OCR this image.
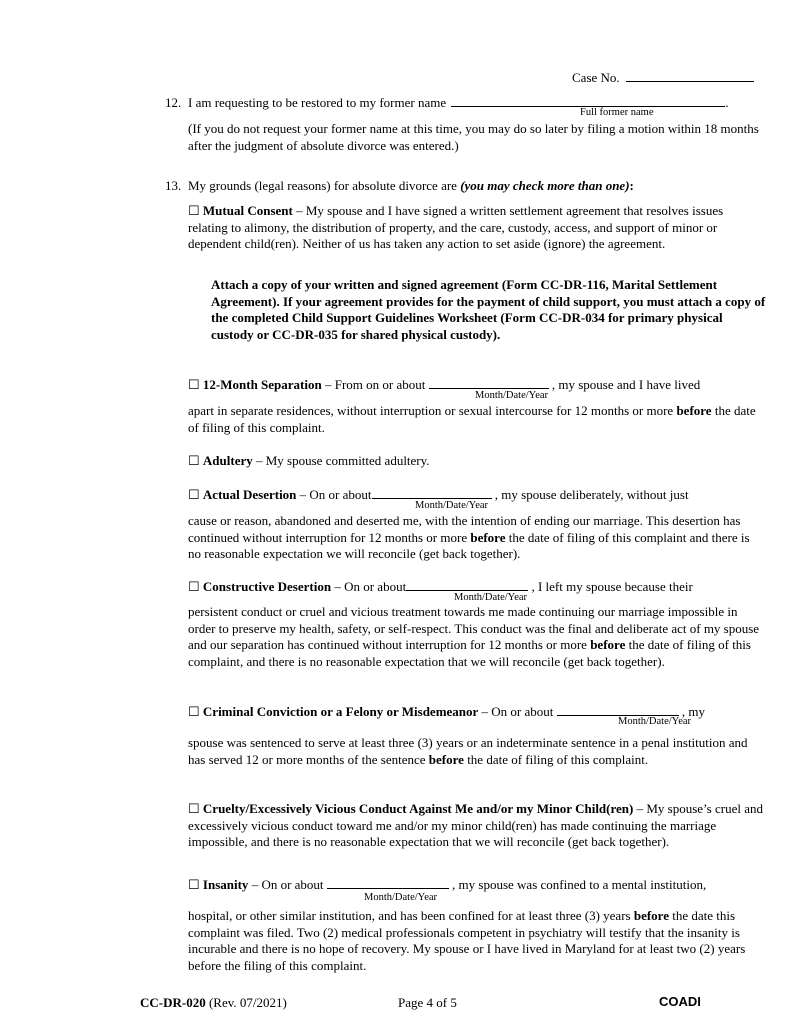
Case No.
12. I am requesting to be restored to my former name	.
Full former name
(If you do not request your former name at this time, you may do so later by filing a motion within 18 months after the judgment of absolute divorce was entered.)
13. My grounds (legal reasons) for absolute divorce are (you may check more than one):
☐ Mutual Consent – My spouse and I have signed a written settlement agreement that resolves issues relating to alimony, the distribution of property, and the care, custody, access, and support of minor or dependent child(ren). Neither of us has taken any action to set aside (ignore) the agreement.
Attach a copy of your written and signed agreement (Form CC-DR-116, Marital Settlement Agreement). If your agreement provides for the payment of child support, you must attach a copy of the completed Child Support Guidelines Worksheet (Form CC-DR-034 for primary physical custody or CC-DR-035 for shared physical custody).
☐ 12-Month Separation – From on or about	, my spouse and I have lived
Month/Date/Year
apart in separate residences, without interruption or sexual intercourse for 12 months or more before the date of filing of this complaint.
☐ Adultery – My spouse committed adultery.
☐ Actual Desertion – On or about	, my spouse deliberately, without just
Month/Date/Year
cause or reason, abandoned and deserted me, with the intention of ending our marriage. This desertion has continued without interruption for 12 months or more before the date of filing of this complaint and there is no reasonable expectation we will reconcile (get back together).
☐ Constructive Desertion – On or about	, I left my spouse because their
Month/Date/Year
persistent conduct or cruel and vicious treatment towards me made continuing our marriage impossible in order to preserve my health, safety, or self-respect. This conduct was the final and deliberate act of my spouse and our separation has continued without interruption for 12 months or more before the date of filing of this complaint, and there is no reasonable expectation that we will reconcile (get back together).
☐ Criminal Conviction or a Felony or Misdemeanor – On or about	, my
Month/Date/Year
spouse was sentenced to serve at least three (3) years or an indeterminate sentence in a penal institution and has served 12 or more months of the sentence before the date of filing of this complaint.
☐ Cruelty/Excessively Vicious Conduct Against Me and/or my Minor Child(ren) – My spouse’s cruel and excessively vicious conduct toward me and/or my minor child(ren) has made continuing the marriage impossible, and there is no reasonable expectation that we will reconcile (get back together).
☐ Insanity – On or about	, my spouse was confined to a mental institution,
Month/Date/Year
hospital, or other similar institution, and has been confined for at least three (3) years before the date this complaint was filed. Two (2) medical professionals competent in psychiatry will testify that the insanity is incurable and there is no hope of recovery. My spouse or I have lived in Maryland for at least two (2) years before the filing of this complaint.
CC-DR-020 (Rev. 07/2021)	Page 4 of 5	COADI
